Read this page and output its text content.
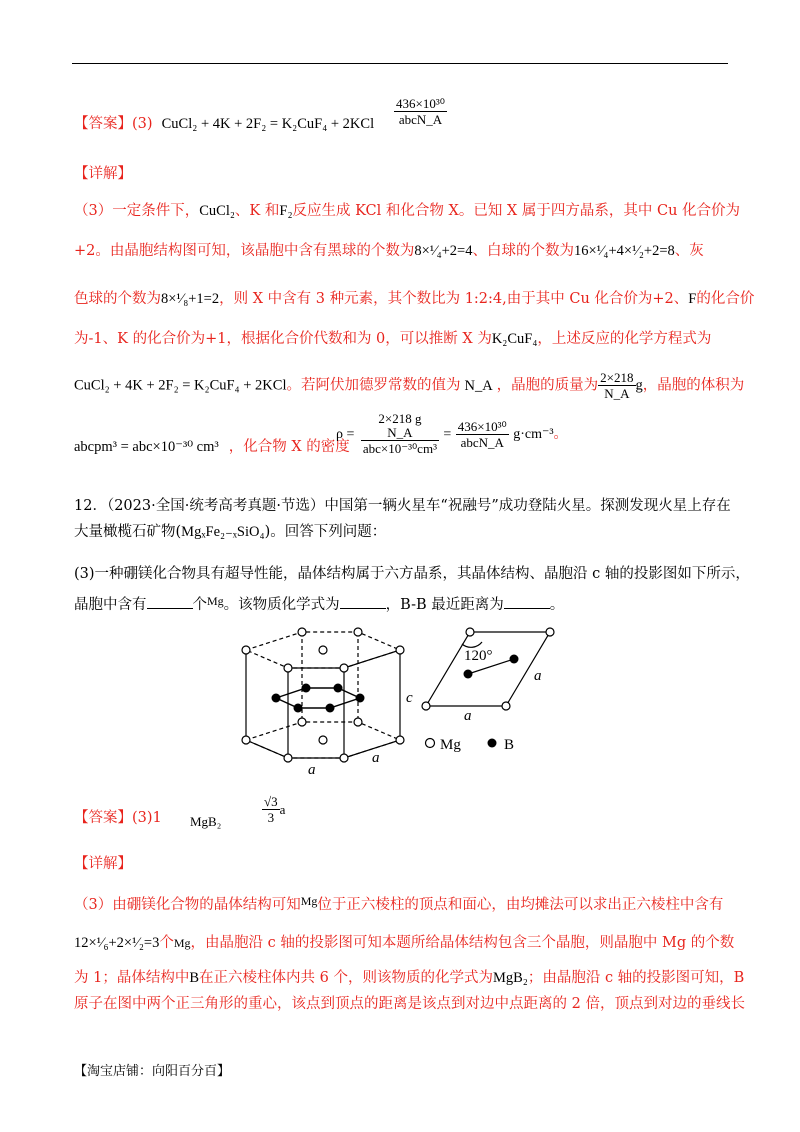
【答案】(3) CuCl₂ + $4K + 2F_2 = K_2CuF_4 + 2KCl \frac{\text{436×10³⁰}}{\text{abcN\_A}}$
【详解】
（3）一定条件下，CuCl₂、K 和F₂反应生成 KCl 和化合物 X。已知 X 属于四方晶系，其中 Cu 化合价为
+2。由晶胞结构图可知，该晶胞中含有黑球的个数为8×¹⁄₄+2=4、白球的个数为16×¹⁄₄+4×¹⁄₂+2=8、灰
色球的个数为8×¹⁄₈+1=2，则 X 中含有 3 种元素，其个数比为 1:2:4,由于其中 Cu 化合价为+2、F的化合价
为-1、K 的化合价为+1，根据化合价代数和为 0，可以推断 X 为K₂CuF₄，上述反应的化学方程式为
CuCl₂ + 4K + 2F₂ = K₂CuF₄ + 2KCl。若阿伏加德罗常数的值为 N_A ，晶胞的质量为 $\frac{2\times 218}{N\_A}$ g，晶胞的体积为
abcpm³ = abc×10⁻³⁰ cm³ ，化合物 X 的密度
ρ =
2×218 g
N_A
abc×10⁻³⁰cm³
= $\frac{\text{436×10³⁰}}{\text{abcN\_A}} g\cdot cm^{-3}$。
12．（2023·全国·统考高考真题·节选）中国第一辆火星车“祝融号”成功登陆火星。探测发现火星上存在
大量橄榄石矿物(MgₓFe₂₋ₓSiO₄)。回答下列问题：
(3)一种硼镁化合物具有超导性能，晶体结构属于六方晶系，其晶体结构、晶胞沿 c 轴的投影图如下所示，
晶胞中含有	个$^{Mg}$。该物质化学式为	，B-B 最近距离为	。
c
a
a
120°
a
a
Mg	B
【答案】(3)1 MgB₂	$\frac{√3}{3}$ a
【详解】
（3）由硼镁化合物的晶体结构可知$^{Mg}$位于正六棱柱的顶点和面心，由均摊法可以求出正六棱柱中含有
12×¹⁄₆+2×¹⁄₂=3个Mg，由晶胞沿 c 轴的投影图可知本题所给晶体结构包含三个晶胞，则晶胞中 Mg 的个数
为 1；晶体结构中B在正六棱柱体内共 6 个，则该物质的化学式为MgB₂；由晶胞沿 c 轴的投影图可知，B
原子在图中两个正三角形的重心，该点到顶点的距离是该点到对边中点距离的 2 倍，顶点到对边的垂线长
【淘宝店铺：向阳百分百】
